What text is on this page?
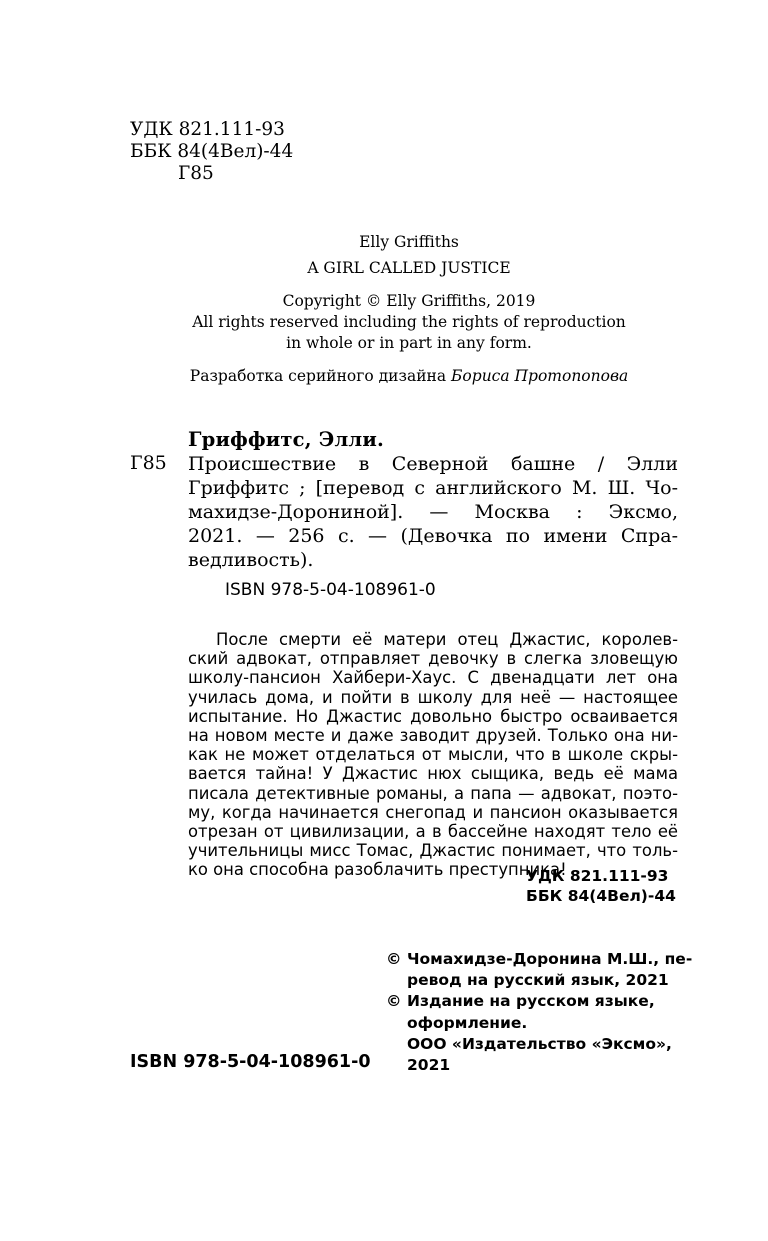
УДК 821.111-93
ББК 84(4Вел)-44
Г85
Elly Griffiths
A GIRL CALLED JUSTICE
Copyright © Elly Griffiths, 2019
All rights reserved including the rights of reproduction
in whole or in part in any form.
Разработка серийного дизайна Бориса Протопопова
Гриффитс, Элли.
Г85 Происшествие в Северной башне / Элли
Гриффитс ; [перевод с английского М. Ш. Чо-
махидзе-Дорониной]. — Москва : Эксмо,
2021. — 256 с. — (Девочка по имени Спра-
ведливость).
ISBN 978-5-04-108961-0
После смерти её матери отец Джастис, королев-
ский адвокат, отправляет девочку в слегка зловещую
школу-пансион Хайбери-Хаус. С двенадцати лет она
училась дома, и пойти в школу для неё — настоящее
испытание. Но Джастис довольно быстро осваивается
на новом месте и даже заводит друзей. Только она ни-
как не может отделаться от мысли, что в школе скры-
вается тайна! У Джастис нюх сыщика, ведь её мама
писала детективные романы, а папа — адвокат, поэто-
му, когда начинается снегопад и пансион оказывается
отрезан от цивилизации, а в бассейне находят тело её
учительницы мисс Томас, Джастис понимает, что толь-
ко она способна разоблачить преступника!
УДК 821.111-93
ББК 84(4Вел)-44
© Чомахидзе-Доронина М.Ш., пе-
ревод на русский язык, 2021
© Издание на русском языке,
оформление.
ООО «Издательство «Эксмо»,
2021
ISBN 978-5-04-108961-0
